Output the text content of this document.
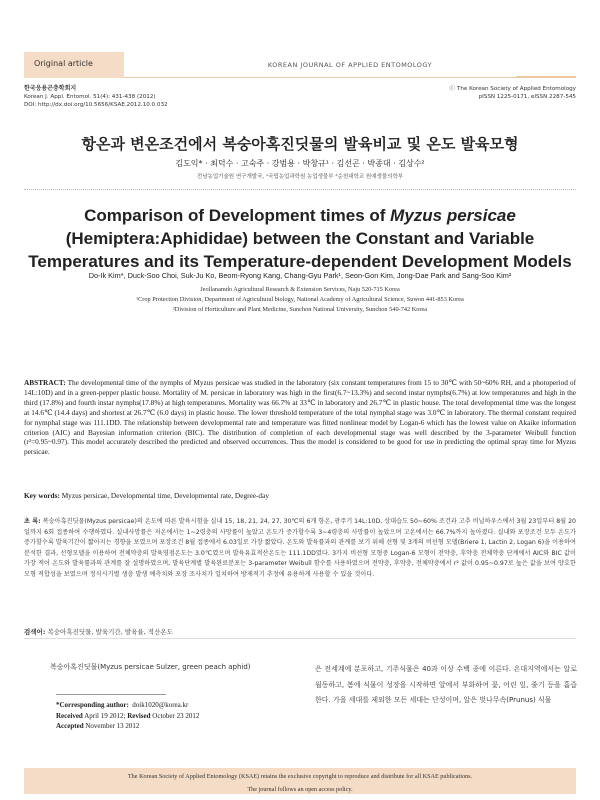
Original article	KOREAN JOURNAL OF APPLIED ENTOMOLOGY
한국응용곤충학회지
Korean J. Appl. Entomol. 51(4): 431-438 (2012)
DOI: http://dx.doi.org/10.5656/KSAE.2012.10.0.032
ⓒ The Korean Society of Applied Entomology
pISSN 1225-0171, eISSN 2287-545
항온과 변온조건에서 복숭아혹진딧물의 발육비교 및 온도 발육모형
김도익* · 최덕수 · 고숙주 · 강범용 · 박창규¹ · 김선곤 · 박종대 · 김상수²
전남농업기술원 연구개발국, ¹국립농업과학원 농업생물부 ²순천대학교 원예생물의학부
Comparison of Development times of Myzus persicae (Hemiptera:Aphididae) between the Constant and Variable Temperatures and its Temperature-dependent Development Models
Do-Ik Kim*, Duck-Soo Choi, Suk-Ju Ko, Beom-Ryong Kang, Chang-Gyu Park¹, Seon-Gon Kim, Jong-Dae Park and Sang-Soo Kim²
Jeollanamdo Agricultural Research & Extension Services, Naju 520-715 Korea
¹Crop Protection Division, Department of Agricultural biology, National Academy of Agricultural Science, Suwon 441-853 Korea
²Division of Horticulture and Plant Medicine, Sunchon National University, Sunchon 540-742 Korea
ABSTRACT: The developmental time of the nymphs of Myzus persicae was studied in the laboratory (six constant temperatures from 15 to 30℃ with 50~60% RH, and a photoperiod of 14L:10D) and in a green-pepper plastic house. Mortality of M. persicae in laboratory was high in the first(6.7~13.3%) and second instar nymphs(6.7%) at low temperatures and high in the third (17.8%) and fourth instar nymphs(17.8%) at high temperatures. Mortality was 66.7% at 33℃ in laboratory and 26.7℃ in plastic house. The total developmental time was the longest at 14.6℃ (14.4 days) and shortest at 26.7℃ (6.0 days) in plastic house. The lower threshold temperature of the total nymphal stage was 3.0℃ in laboratory. The thermal constant required for nymphal stage was 111.1DD. The relationship between developmental rate and temperature was fitted nonlinear model by Logan-6 which has the lowest value on Akaike information criterion (AIC) and Bayesian information criterion (BIC). The distribution of completion of each developmental stage was well described by the 3-parameter Weibull function (r²=0.95~0.97). This model accurately described the predicted and observed occurrences. Thus the model is considered to be good for use in predicting the optimal spray time for Myzus persicae.
Key words: Myzus persicae, Developmental time, Developmental rate, Degree-day
초 록: 복숭아혹진딧물(Myzus persicae)의 온도에 따른 발육시험을 실내 15, 18, 21, 24, 27, 30℃의 6개 항온, 광주기 14L:10D, 상대습도 50~60% 조건과 고추 비닐하우스에서 3월 23일부터 8월 20일까지 6회 접종하여 수행하였다. 실내사망률은 저온에서는 1~2령충의 사망률이 높았고 온도가 증가할수록 3~4령충의 사망률이 높았으며 고온에서는 66.7%까지 높아졌다. 실내와 포장조건 모두 온도가 증가할수록 발육기간이 짧아지는 경향을 보였으며 포장조건 8월 접종에서 6.03일로 가장 짧았다. 온도와 발육률과의 관계를 보기 위해 선형 및 3개의 비선형 모델(Briere 1, Lactin 2, Logan 6)을 이용하여 분석한 결과, 선형모델을 이용하여 전체약충의 발육영점온도는 3.0℃였으며 발육유효적산온도는 111.1DD였다. 3가지 비선형 모형중 Logan-6 모형이 전약충, 후약충 전체약충 단계에서 AIC와 BIC 값이 가장 적어 온도와 발육률과의 관계를 잘 설명하였으며, 발육단계별 발육완료분포는 3-parameter Weibull 함수를 사용하였으며 전약충, 후약충, 전체약충에서 r² 값이 0.95~0.97로 높은 값을 보여 양호한 모형 적합성을 보였으며 정식시기별 생충 발생 예측치와 포장 조사치가 일치하여 방제적기 추정에 유용하게 사용할 수 있을 것이다.
검색어: 복숭아혹진딧물, 발육기간, 발육율, 적산온도
복숭아혹진딧물(Myzus persicae Sulzer, green peach aphid)	은 전세계에 분포하고, 기주식물은 40과 이상 수백 종에 이른다. 온대지역에서는 알로 월동하고, 봄에 식물이 성장을 시작하면 알에서 부화하여 꽃, 어린 잎, 줄기 등을 흡즙한다. 가을 세대를 제외한 모든 세대는 단성이며, 알은 벚나무속(Prunus) 식물
*Corresponding author: doik1020@korea.kr
Received April 19 2012; Revised October 23 2012
Accepted November 13 2012

The Korean Society of Applied Entomology (KSAE) retains the exclusive copyright to reproduce and distribute for all KSAE publications.

The journal follows an open access policy.
